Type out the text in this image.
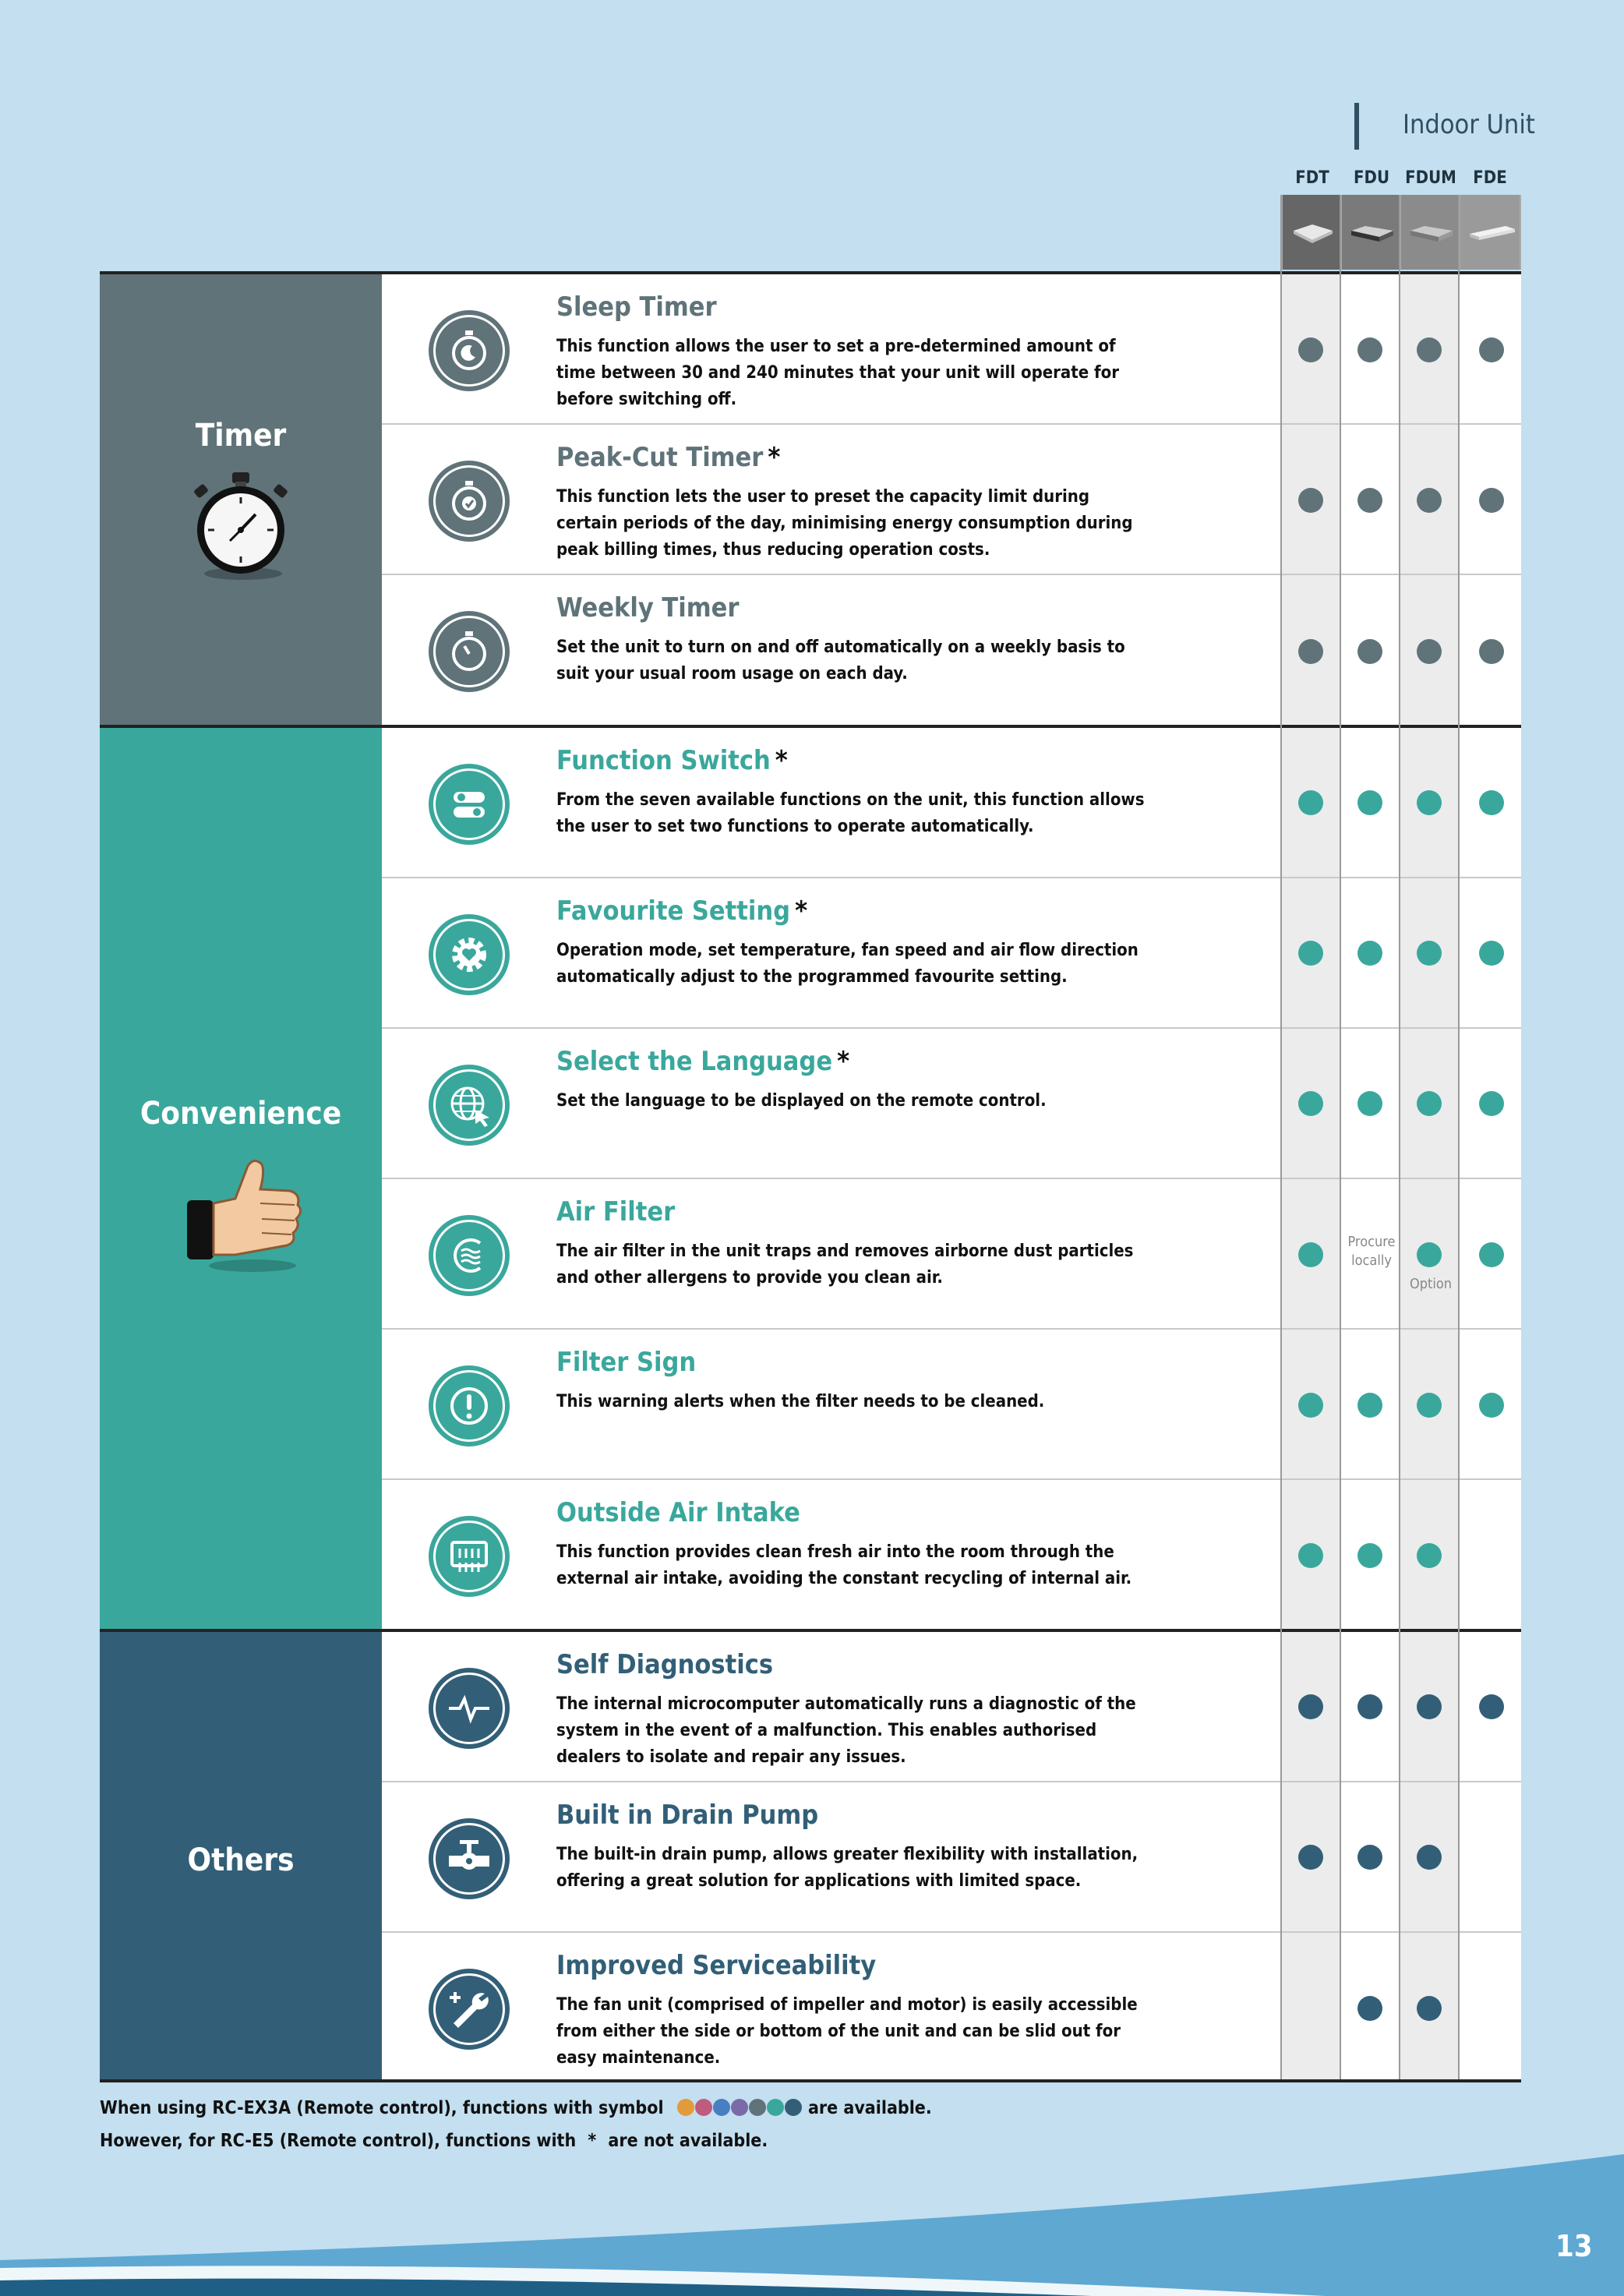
13
Indoor Unit
FDT	FDU FDUM FDE
Timer
Convenience
Others
Sleep Timer
This function allows the user to set a pre-determined amount of time between 30 and 240 minutes that your unit will operate for before switching off.
Peak-Cut Timer *
This function lets the user to preset the capacity limit during certain periods of the day, minimising energy consumption during peak billing times, thus reducing operation costs.
Weekly Timer
Set the unit to turn on and off automatically on a weekly basis to suit your usual room usage on each day.
Function Switch *
From the seven available functions on the unit, this function allows the user to set two functions to operate automatically.
Favourite Setting *
Operation mode, set temperature, fan speed and air flow direction automatically adjust to the programmed favourite setting.
Select the Language *
Set the language to be displayed on the remote control.
Air Filter
The air filter in the unit traps and removes airborne dust particles and other allergens to provide you clean air.
Filter Sign
This warning alerts when the filter needs to be cleaned.
Outside Air Intake
This function provides clean fresh air into the room through the external air intake, avoiding the constant recycling of internal air.
Self Diagnostics
The internal microcomputer automatically runs a diagnostic of the system in the event of a malfunction. This enables authorised dealers to isolate and repair any issues.
Built in Drain Pump
The built-in drain pump, allows greater flexibility with installation, offering a great solution for applications with limited space.
Improved Serviceability
The fan unit (comprised of impeller and motor) is easily accessible from either the side or bottom of the unit and can be slid out for easy maintenance.
Procure locally
Option
When using RC-EX3A (Remote control), functions with symbol	are available.
However, for RC-E5 (Remote control), functions with * are not available.
